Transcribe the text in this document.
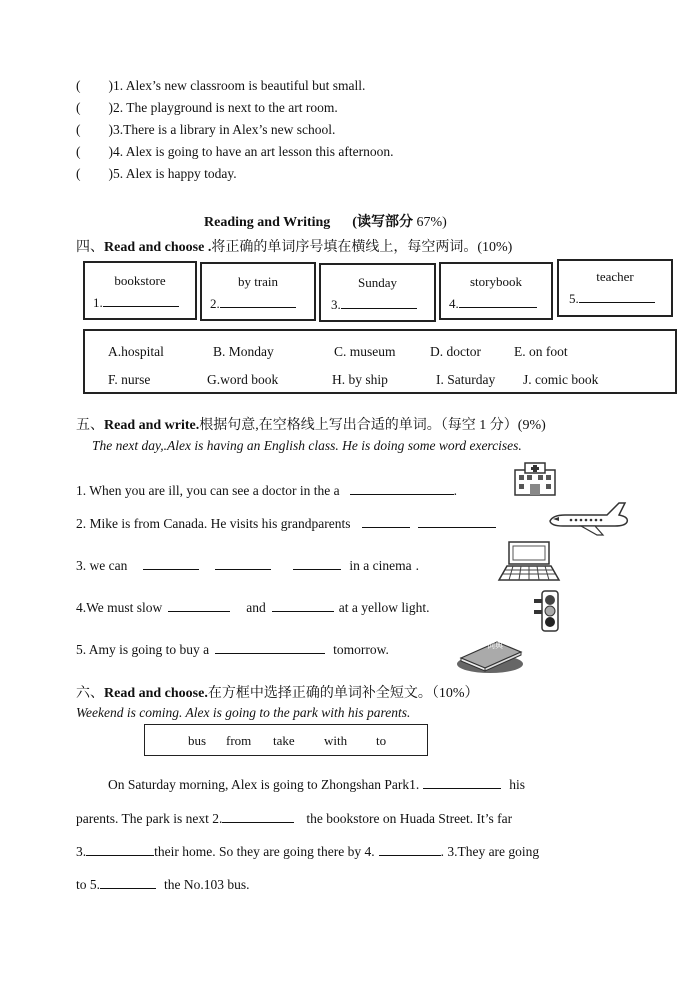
( )1. Alex’s new classroom is beautiful but small.
( )2. The playground is next to the art room.
( )3.There is a library in Alex’s new school.
( )4. Alex is going to have an art lesson this afternoon.
( )5. Alex is happy today.
Reading and Writing (读写部分 67%)
四、Read and choose .将正确的单词序号填在横线上，每空两词。(10%)
bookstore
1.
by train
2.
Sunday
3.
storybook
4.
teacher
5.
A.hospital	B. Monday	C. museum	D. doctor E. on foot
F. nurse	G.word book	H. by ship	I. Saturday J. comic book
五、Read and write.根据句意,在空格线上写出合适的单词。（每空 1 分）(9%)
The next day,.Alex is having an English class. He is doing some word exercises.
1. When you are ill, you can see a doctor in the a	.
2. Mike is from Canada. He visits his grandparents
3. we can	in a cinema .
4.We must slow	and	at a yellow light.
5. Amy is going to buy a	tomorrow.	词典
六、Read and choose.在方框中选择正确的单词补全短文。（10%）
Weekend is coming. Alex is going to the park with his parents.
bus from take with to
On Saturday morning, Alex is going to Zhongshan Park1.	his
parents. The park is next 2.	the bookstore on Huada Street. It’s far
3.	their home. So they are going there by 4.	. 3.They are going
to 5.	the No.103 bus.
